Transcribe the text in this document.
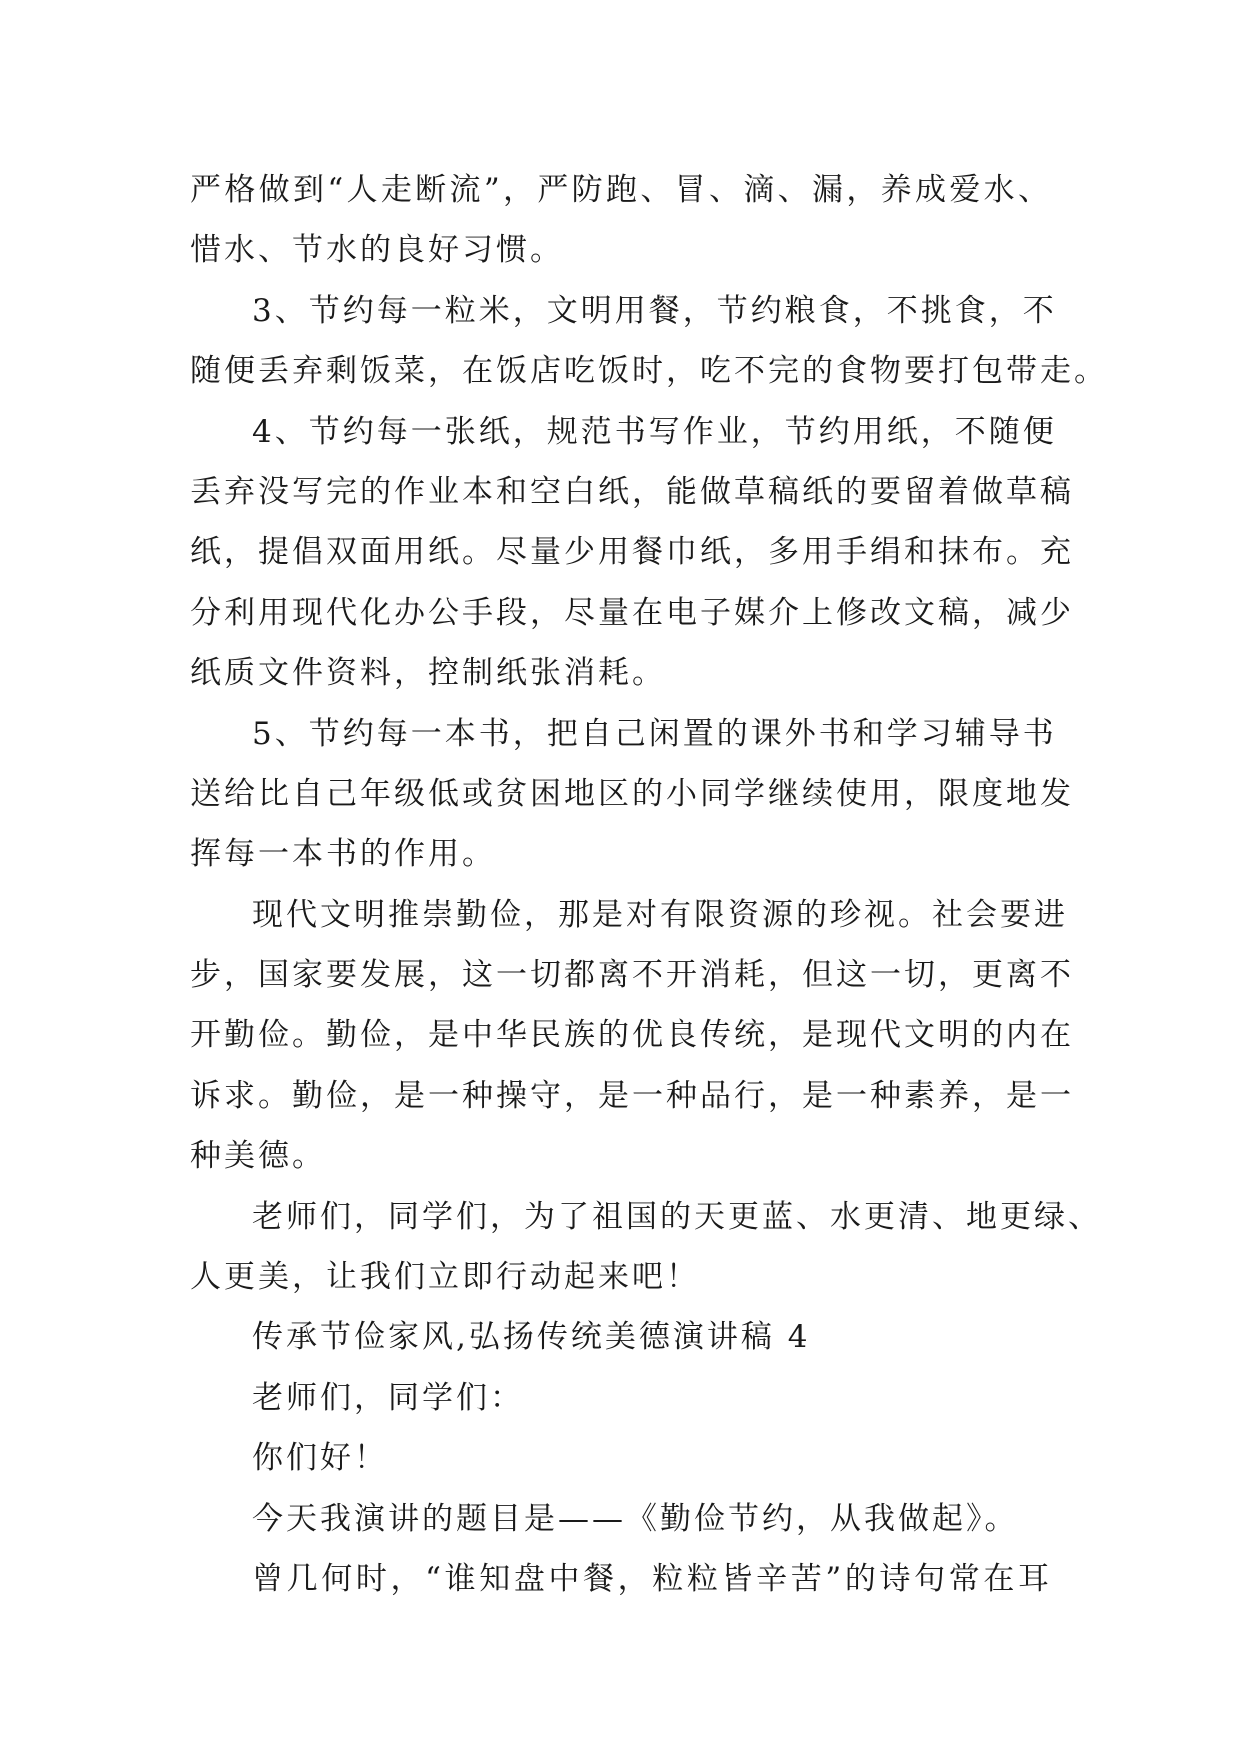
严格做到“人走断流”，严防跑、冒、滴、漏，养成爱水、
惜水、节水的良好习惯。
3、节约每一粒米，文明用餐，节约粮食，不挑食，不
随便丢弃剩饭菜，在饭店吃饭时，吃不完的食物要打包带走。
4、节约每一张纸，规范书写作业，节约用纸，不随便
丢弃没写完的作业本和空白纸，能做草稿纸的要留着做草稿
纸，提倡双面用纸。尽量少用餐巾纸，多用手绢和抹布。充
分利用现代化办公手段，尽量在电子媒介上修改文稿，减少
纸质文件资料，控制纸张消耗。
5、节约每一本书，把自己闲置的课外书和学习辅导书
送给比自己年级低或贫困地区的小同学继续使用，限度地发
挥每一本书的作用。
现代文明推崇勤俭，那是对有限资源的珍视。社会要进
步，国家要发展，这一切都离不开消耗，但这一切，更离不
开勤俭。勤俭，是中华民族的优良传统，是现代文明的内在
诉求。勤俭，是一种操守，是一种品行，是一种素养，是一
种美德。
老师们，同学们，为了祖国的天更蓝、水更清、地更绿、
人更美，让我们立即行动起来吧！
传承节俭家风,弘扬传统美德演讲稿 4
老师们，同学们：
你们好！
今天我演讲的题目是——《勤俭节约，从我做起》。
曾几何时，“谁知盘中餐，粒粒皆辛苦”的诗句常在耳
